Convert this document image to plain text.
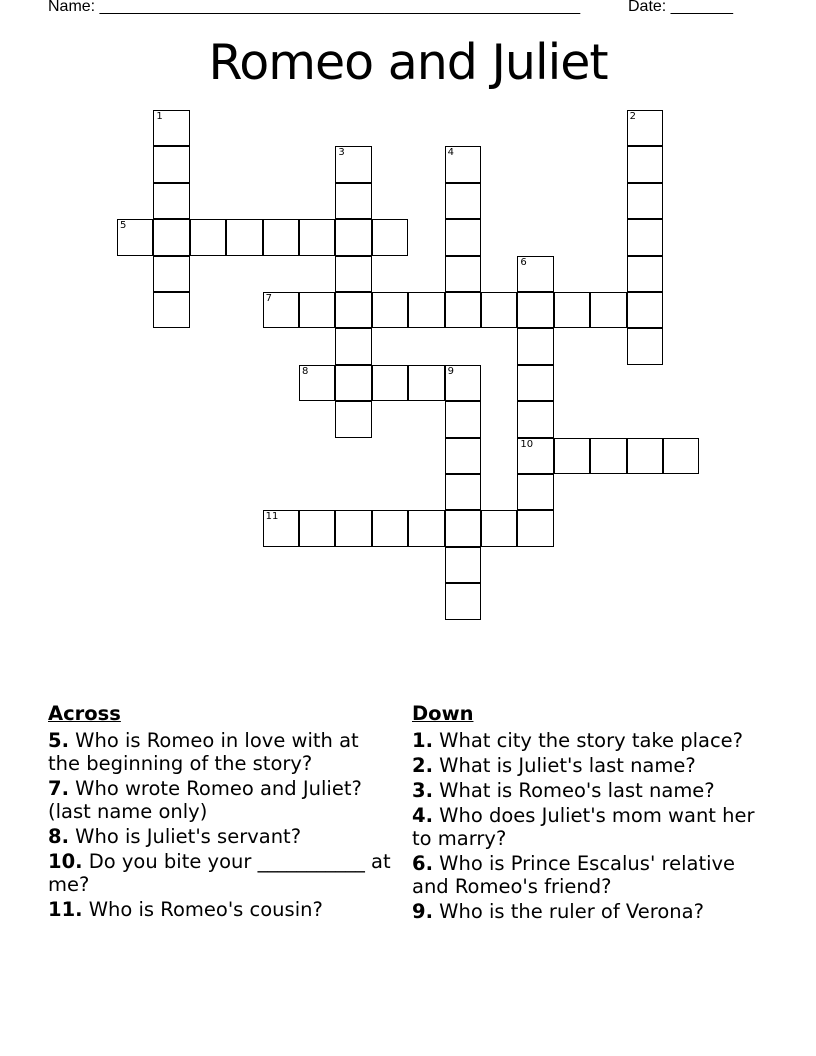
Name: ______________________________________________________	Date: _______
Romeo and Juliet
1
5
3	4
2
7
6
8	9
10
11
Across
5. Who is Romeo in love with at the beginning of the story?
7. Who wrote Romeo and Juliet? (last name only)
8. Who is Juliet's servant?
10. Do you bite your ___________ at me?
11. Who is Romeo's cousin?
Down
1. What city the story take place?
2. What is Juliet's last name?
3. What is Romeo's last name?
4. Who does Juliet's mom want her to marry?
6. Who is Prince Escalus' relative and Romeo's friend?
9. Who is the ruler of Verona?
